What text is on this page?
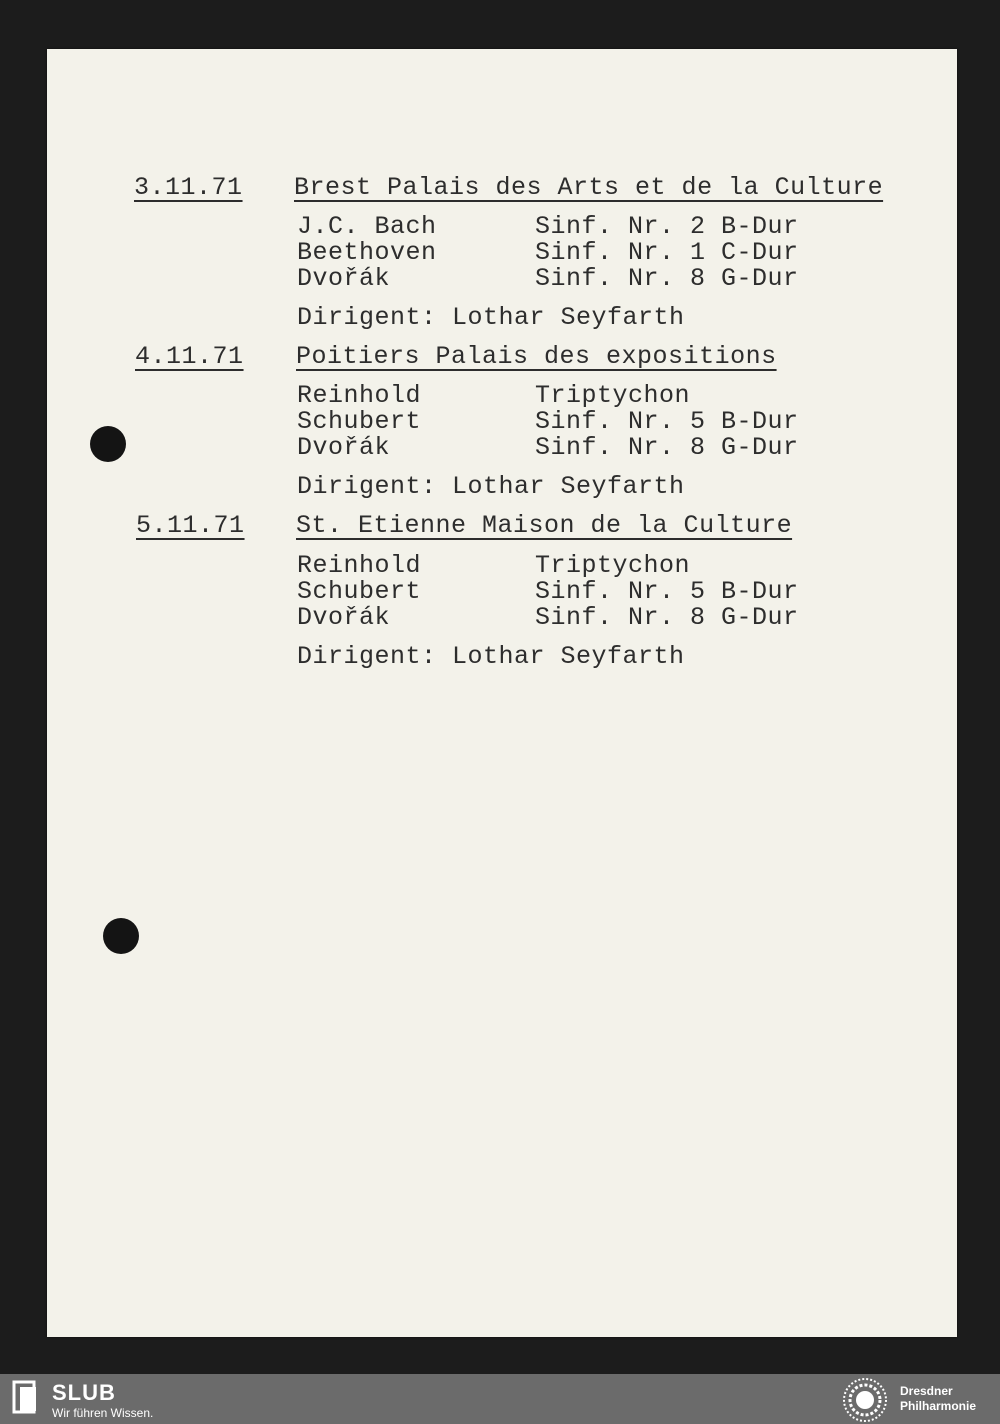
3.11.71 Brest Palais des Arts et de la Culture
J.C. Bach	Sinf. Nr. 2 B-Dur
Beethoven	Sinf. Nr. 1 C-Dur
Dvořák	Sinf. Nr. 8 G-Dur
Dirigent: Lothar Seyfarth
4.11.71 Poitiers Palais des expositions
Reinhold	Triptychon
Schubert	Sinf. Nr. 5 B-Dur
Dvořák	Sinf. Nr. 8 G-Dur
Dirigent: Lothar Seyfarth
5.11.71 St. Etienne Maison de la Culture
Reinhold	Triptychon
Schubert	Sinf. Nr. 5 B-Dur
Dvořák	Sinf. Nr. 8 G-Dur
Dirigent: Lothar Seyfarth
SLUB
Wir führen Wissen.
Dresdner
Philharmonie
